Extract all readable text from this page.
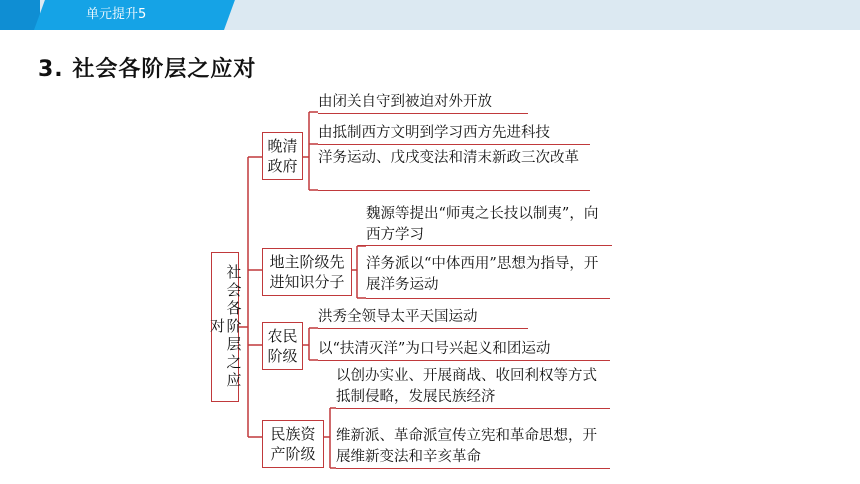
单元提升5
3. 社会各阶层之应对
社会各阶层之应对
晚清
政府
由闭关自守到被迫对外开放
由抵制西方文明到学习西方先进科技
洋务运动、戊戌变法和清末新政三次改革
地主阶级先
进知识分子
魏源等提出“师夷之长技以制夷”，向西方学习
洋务派以“中体西用”思想为指导，开展洋务运动
农民
阶级
洪秀全领导太平天国运动
以“扶清灭洋”为口号兴起义和团运动
民族资
产阶级
以创办实业、开展商战、收回利权等方式抵制侵略，发展民族经济
维新派、革命派宣传立宪和革命思想，开展维新变法和辛亥革命
